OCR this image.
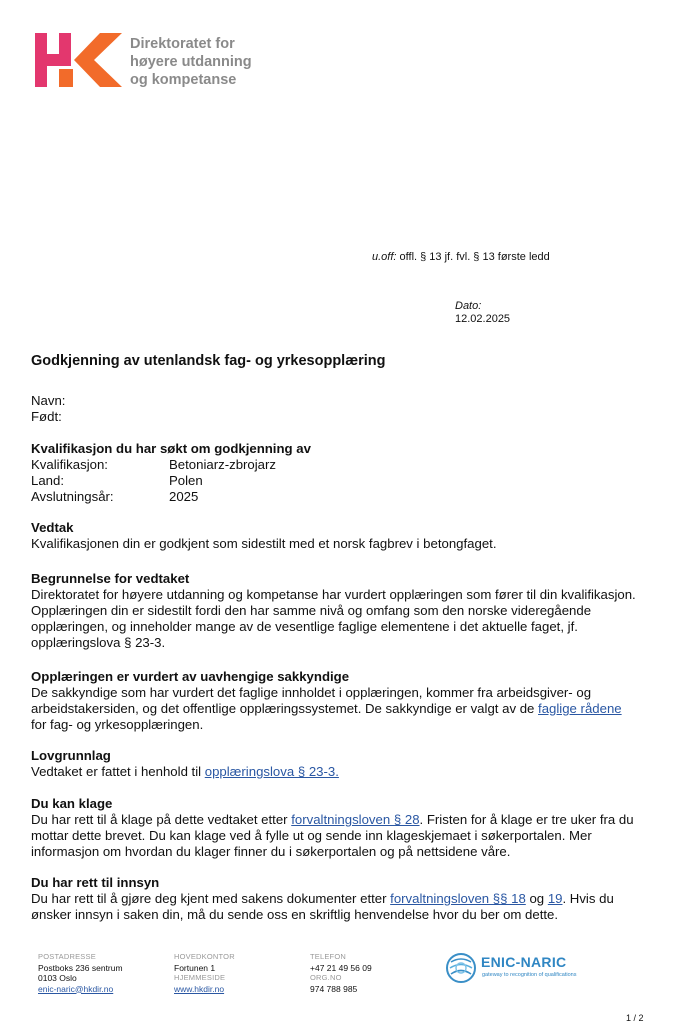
Direktoratet for
høyere utdanning
og kompetanse
u.off: offl. § 13 jf. fvl. § 13 første ledd
Dato:
12.02.2025
Godkjenning av utenlandsk fag- og yrkesopplæring
Navn:
Født:
Kvalifikasjon du har søkt om godkjenning av
Kvalifikasjon:	Betoniarz-zbrojarz
Land:	Polen
Avslutningsår:	2025
Vedtak
Kvalifikasjonen din er godkjent som sidestilt med et norsk fagbrev i betongfaget.
Begrunnelse for vedtaket
Direktoratet for høyere utdanning og kompetanse har vurdert opplæringen som fører til din kvalifikasjon. Opplæringen din er sidestilt fordi den har samme nivå og omfang som den norske videregående opplæringen, og inneholder mange av de vesentlige faglige elementene i det aktuelle faget, jf. opplæringslova § 23-3.
Opplæringen er vurdert av uavhengige sakkyndige
De sakkyndige som har vurdert det faglige innholdet i opplæringen, kommer fra arbeidsgiver- og arbeidstakersiden, og det offentlige opplæringssystemet. De sakkyndige er valgt av de faglige rådene for fag- og yrkesopplæringen.
Lovgrunnlag
Vedtaket er fattet i henhold til opplæringslova § 23-3.
Du kan klage
Du har rett til å klage på dette vedtaket etter forvaltningsloven § 28. Fristen for å klage er tre uker fra du mottar dette brevet. Du kan klage ved å fylle ut og sende inn klageskjemaet i søkerportalen. Mer informasjon om hvordan du klager finner du i søkerportalen og på nettsidene våre.
Du har rett til innsyn
Du har rett til å gjøre deg kjent med sakens dokumenter etter forvaltningsloven §§ 18 og 19. Hvis du ønsker innsyn i saken din, må du sende oss en skriftlig henvendelse hvor du ber om dette.
POSTADRESSE
Postboks 236 sentrum
0103 Oslo
enic-naric@hkdir.no
HOVEDKONTOR
Fortunen 1
HJEMMESIDE
www.hkdir.no
TELEFON
+47 21 49 56 09
ORG.NO
974 788 985
ENIC-NARIC
gateway to recognition of qualifications
1 / 2
